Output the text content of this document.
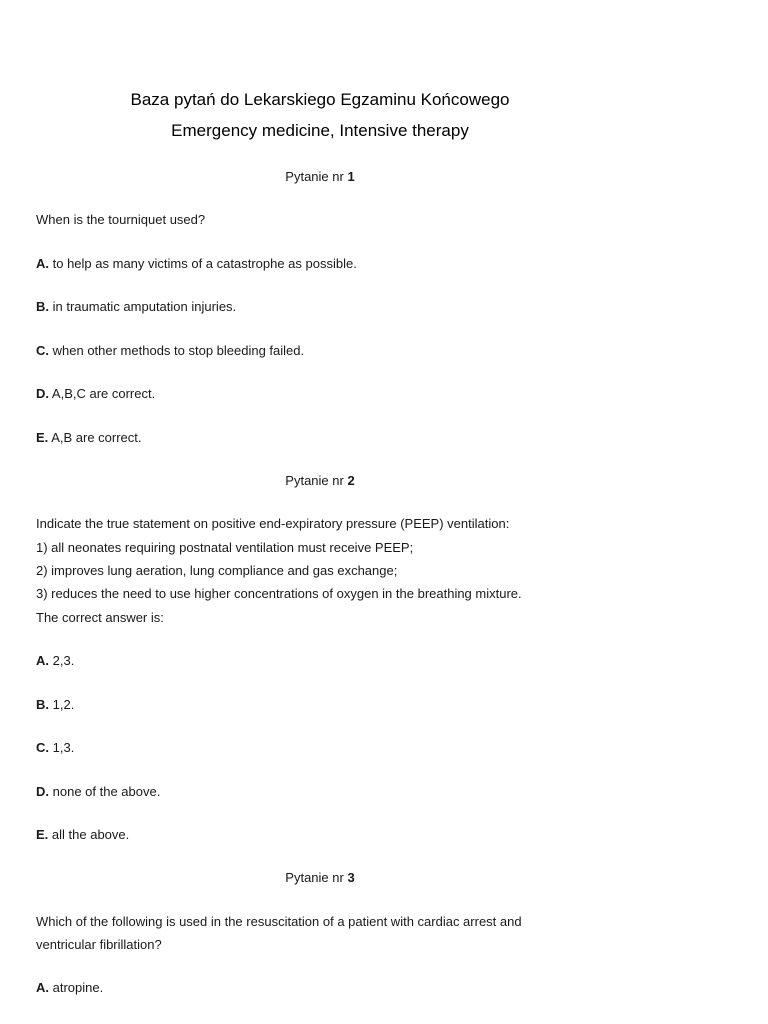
Baza pytań do Lekarskiego Egzaminu Końcowego
Emergency medicine, Intensive therapy
Pytanie nr 1
When is the tourniquet used?
A. to help as many victims of a catastrophe as possible.
B. in traumatic amputation injuries.
C. when other methods to stop bleeding failed.
D. A,B,C are correct.
E. A,B are correct.
Pytanie nr 2
Indicate the true statement on positive end-expiratory pressure (PEEP) ventilation:
1) all neonates requiring postnatal ventilation must receive PEEP;
2) improves lung aeration, lung compliance and gas exchange;
3) reduces the need to use higher concentrations of oxygen in the breathing mixture.
The correct answer is:
A. 2,3.
B. 1,2.
C. 1,3.
D. none of the above.
E. all the above.
Pytanie nr 3
Which of the following is used in the resuscitation of a patient with cardiac arrest and
ventricular fibrillation?
A. atropine.
